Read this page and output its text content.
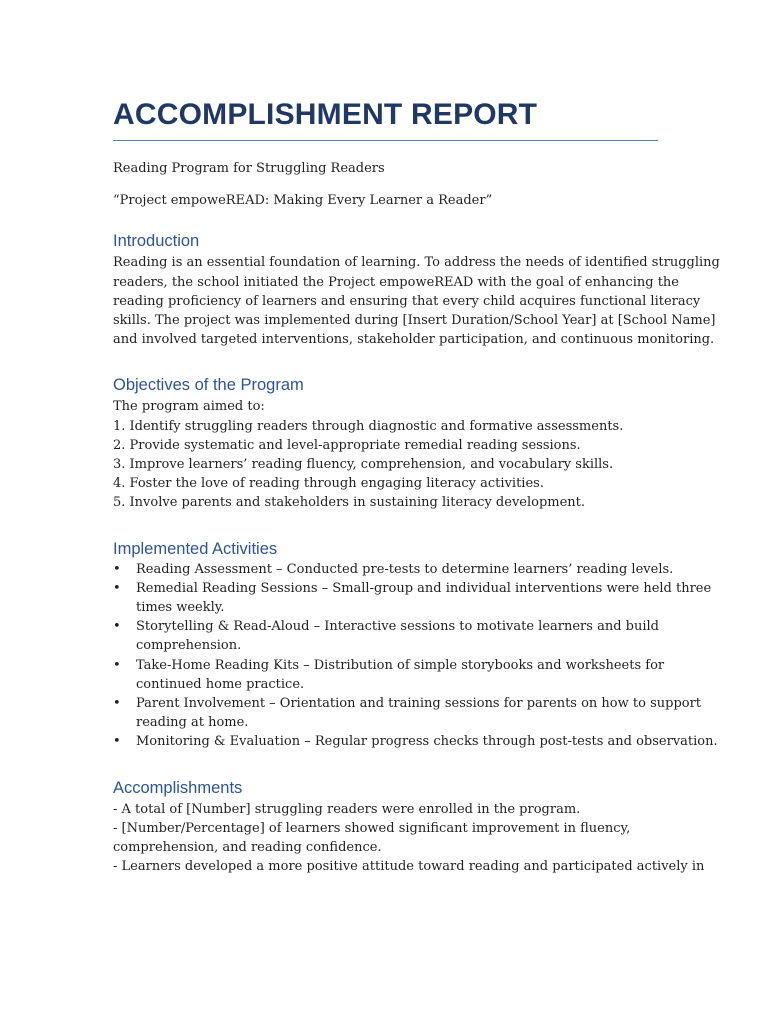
ACCOMPLISHMENT REPORT

Reading Program for Struggling Readers

“Project empoweREAD: Making Every Learner a Reader”

Introduction
Reading is an essential foundation of learning. To address the needs of identified struggling
readers, the school initiated the Project empoweREAD with the goal of enhancing the
reading proficiency of learners and ensuring that every child acquires functional literacy
skills. The project was implemented during [Insert Duration/School Year] at [School Name]
and involved targeted interventions, stakeholder participation, and continuous monitoring.
Objectives of the Program
The program aimed to:
1. Identify struggling readers through diagnostic and formative assessments.
2. Provide systematic and level-appropriate remedial reading sessions.
3. Improve learners’ reading fluency, comprehension, and vocabulary skills.
4. Foster the love of reading through engaging literacy activities.
5. Involve parents and stakeholders in sustaining literacy development.
Implemented Activities
• Reading Assessment – Conducted pre-tests to determine learners’ reading levels.
• Remedial Reading Sessions – Small-group and individual interventions were held three
times weekly.
• Storytelling & Read-Aloud – Interactive sessions to motivate learners and build
comprehension.
• Take-Home Reading Kits – Distribution of simple storybooks and worksheets for
continued home practice.
• Parent Involvement – Orientation and training sessions for parents on how to support
reading at home.
• Monitoring & Evaluation – Regular progress checks through post-tests and observation.
Accomplishments
- A total of [Number] struggling readers were enrolled in the program.
- [Number/Percentage] of learners showed significant improvement in fluency,
comprehension, and reading confidence.
- Learners developed a more positive attitude toward reading and participated actively in
